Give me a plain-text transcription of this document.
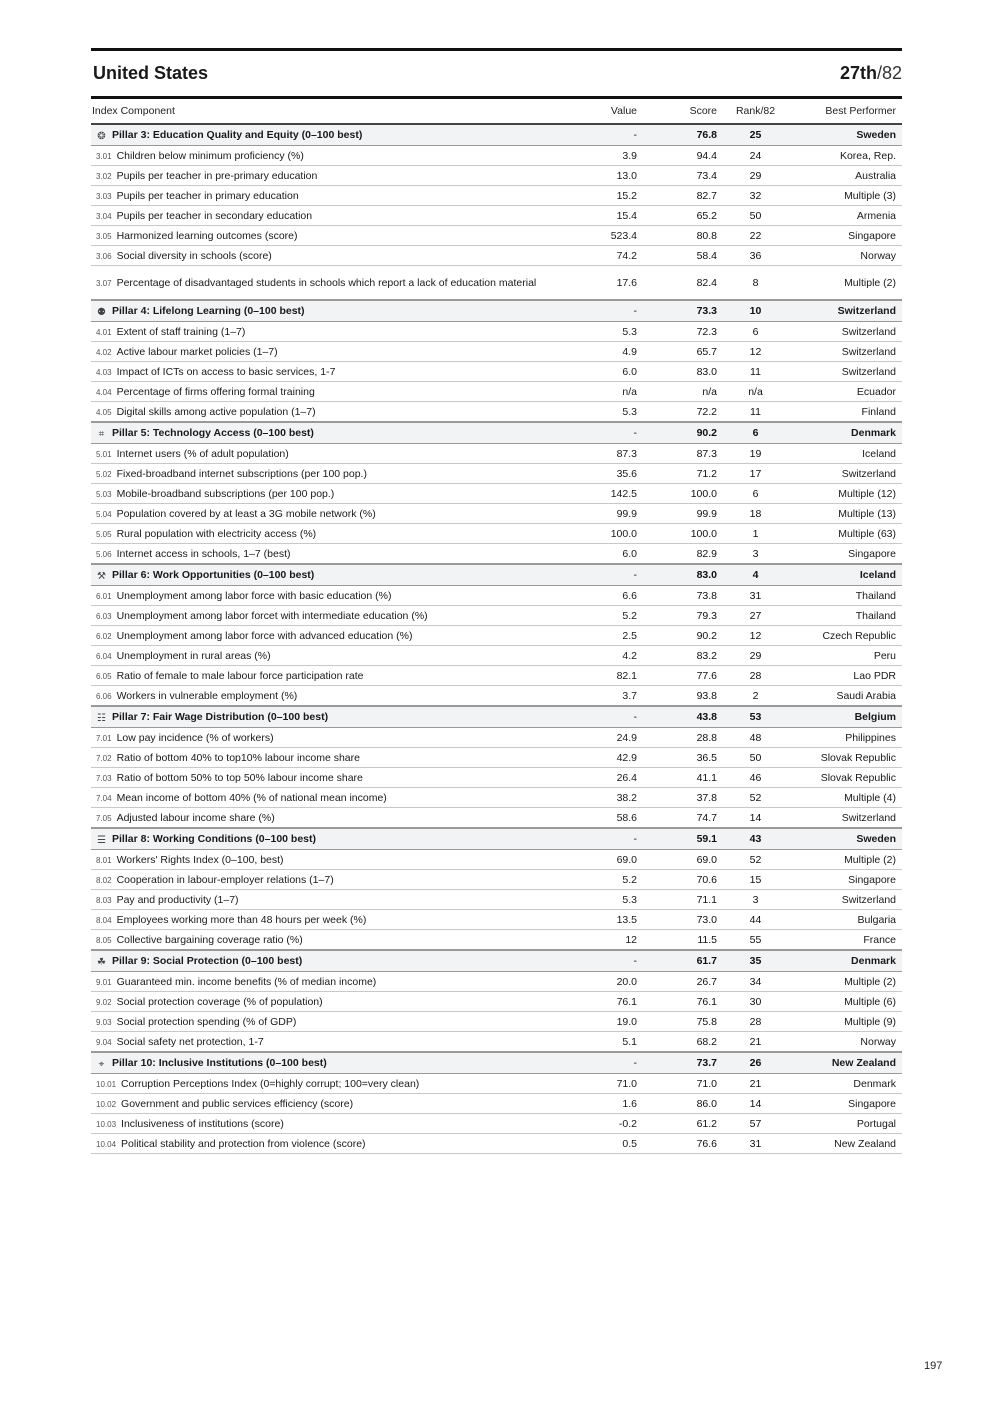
United States	27th/82
Index Component	Value	Score	Rank/82	Best Performer
❂ Pillar 3: Education Quality and Equity (0–100 best)	-	76.8	25	Sweden
3.01 Children below minimum proficiency (%)	3.9	94.4	24	Korea, Rep.
3.02 Pupils per teacher in pre-primary education	13.0	73.4	29	Australia
3.03 Pupils per teacher in primary education	15.2	82.7	32	Multiple (3)
3.04 Pupils per teacher in secondary education	15.4	65.2	50	Armenia
3.05 Harmonized learning outcomes (score)	523.4	80.8	22	Singapore
3.06 Social diversity in schools (score)	74.2	58.4	36	Norway
3.07 Percentage of disadvantaged students in schools which report a lack of education material	17.6	82.4	8	Multiple (2)
⚉ Pillar 4: Lifelong Learning (0–100 best)	-	73.3	10	Switzerland
4.01 Extent of staff training (1–7)	5.3	72.3	6	Switzerland
4.02 Active labour market policies (1–7)	4.9	65.7	12	Switzerland
4.03 Impact of ICTs on access to basic services, 1-7	6.0	83.0	11	Switzerland
4.04 Percentage of firms offering formal training	n/a	n/a	n/a	Ecuador
4.05 Digital skills among active population (1–7)	5.3	72.2	11	Finland
⌗ Pillar 5: Technology Access (0–100 best)	-	90.2	6	Denmark
5.01 Internet users (% of adult population)	87.3	87.3	19	Iceland
5.02 Fixed-broadband internet subscriptions (per 100 pop.)	35.6	71.2	17	Switzerland
5.03 Mobile-broadband subscriptions (per 100 pop.)	142.5	100.0	6	Multiple (12)
5.04 Population covered by at least a 3G mobile network (%)	99.9	99.9	18	Multiple (13)
5.05 Rural population with electricity access (%)	100.0	100.0	1	Multiple (63)
5.06 Internet access in schools, 1–7 (best)	6.0	82.9	3	Singapore
⚒ Pillar 6: Work Opportunities (0–100 best)	-	83.0	4	Iceland
6.01 Unemployment among labor force with basic education (%)	6.6	73.8	31	Thailand
6.03 Unemployment among labor forcet with intermediate education (%)	5.2	79.3	27	Thailand
6.02 Unemployment among labor force with advanced education (%)	2.5	90.2	12	Czech Republic
6.04 Unemployment in rural areas (%)	4.2	83.2	29	Peru
6.05 Ratio of female to male labour force participation rate	82.1	77.6	28	Lao PDR
6.06 Workers in vulnerable employment (%)	3.7	93.8	2	Saudi Arabia
☷ Pillar 7: Fair Wage Distribution (0–100 best)	-	43.8	53	Belgium
7.01 Low pay incidence (% of workers)	24.9	28.8	48	Philippines
7.02 Ratio of bottom 40% to top10% labour income share	42.9	36.5	50	Slovak Republic
7.03 Ratio of bottom 50% to top 50% labour income share	26.4	41.1	46	Slovak Republic
7.04 Mean income of bottom 40% (% of national mean income)	38.2	37.8	52	Multiple (4)
7.05 Adjusted labour income share (%)	58.6	74.7	14	Switzerland
☰ Pillar 8: Working Conditions (0–100 best)	-	59.1	43	Sweden
8.01 Workers' Rights Index (0–100, best)	69.0	69.0	52	Multiple (2)
8.02 Cooperation in labour-employer relations (1–7)	5.2	70.6	15	Singapore
8.03 Pay and productivity (1–7)	5.3	71.1	3	Switzerland
8.04 Employees working more than 48 hours per week (%)	13.5	73.0	44	Bulgaria
8.05 Collective bargaining coverage ratio (%)	12	11.5	55	France
☘ Pillar 9: Social Protection (0–100 best)	-	61.7	35	Denmark
9.01 Guaranteed min. income benefits (% of median income)	20.0	26.7	34	Multiple (2)
9.02 Social protection coverage (% of population)	76.1	76.1	30	Multiple (6)
9.03 Social protection spending (% of GDP)	19.0	75.8	28	Multiple (9)
9.04 Social safety net protection, 1-7	5.1	68.2	21	Norway
⌖ Pillar 10: Inclusive Institutions (0–100 best)	-	73.7	26	New Zealand
10.01 Corruption Perceptions Index (0=highly corrupt; 100=very clean)	71.0	71.0	21	Denmark
10.02 Government and public services efficiency (score)	1.6	86.0	14	Singapore
10.03 Inclusiveness of institutions (score)	-0.2	61.2	57	Portugal
10.04 Political stability and protection from violence (score)	0.5	76.6	31	New Zealand
197
